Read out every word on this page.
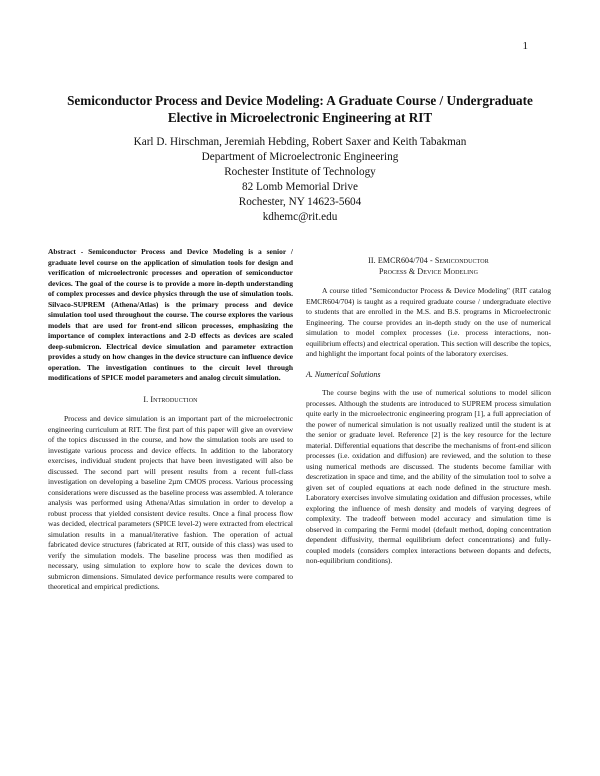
1
Semiconductor Process and Device Modeling: A Graduate Course / Undergraduate Elective in Microelectronic Engineering at RIT
Karl D. Hirschman, Jeremiah Hebding, Robert Saxer and Keith Tabakman
Department of Microelectronic Engineering
Rochester Institute of Technology
82 Lomb Memorial Drive
Rochester, NY 14623-5604
kdhemc@rit.edu

Abstract - Semiconductor Process and Device Modeling is a senior / graduate level course on the application of simulation tools for design and verification of microelectronic processes and operation of semiconductor devices. The goal of the course is to provide a more in-depth understanding of complex processes and device physics through the use of simulation tools. Silvaco-SUPREM (Athena/Atlas) is the primary process and device simulation tool used throughout the course. The course explores the various models that are used for front-end silicon processes, emphasizing the importance of complex interactions and 2-D effects as devices are scaled deep-submicron. Electrical device simulation and parameter extraction provides a study on how changes in the device structure can influence device operation. The investigation continues to the circuit level through modifications of SPICE model parameters and analog circuit simulation.

I. Introduction

Process and device simulation is an important part of the microelectronic engineering curriculum at RIT. The first part of this paper will give an overview of the topics discussed in the course, and how the simulation tools are used to investigate various process and device effects. In addition to the laboratory exercises, individual student projects that have been investigated will also be discussed. The second part will present results from a recent full-class investigation on developing a baseline 2µm CMOS process. Various processing considerations were discussed as the baseline process was assembled. A tolerance analysis was performed using Athena/Atlas simulation in order to develop a robust process that yielded consistent device results. Once a final process flow was decided, electrical parameters (SPICE level-2) were extracted from electrical simulation results in a manual/iterative fashion. The operation of actual fabricated device structures (fabricated at RIT, outside of this class) was used to verify the simulation models. The baseline process was then modified as necessary, using simulation to explore how to scale the devices down to submicron dimensions. Simulated device performance results were compared to theoretical and empirical predictions.

II. EMCR604/704 - Semiconductor
Process & Device Modeling

A course titled "Semiconductor Process & Device Modeling" (RIT catalog EMCR604/704) is taught as a required graduate course / undergraduate elective to students that are enrolled in the M.S. and B.S. programs in Microelectronic Engineering. The course provides an in-depth study on the use of numerical simulation to model complex processes (i.e. process interactions, non-equilibrium effects) and electrical operation. This section will describe the topics, and highlight the important focal points of the laboratory exercises.

A. Numerical Solutions

The course begins with the use of numerical solutions to model silicon processes. Although the students are introduced to SUPREM process simulation quite early in the microelectronic engineering program [1], a full appreciation of the power of numerical simulation is not usually realized until the student is at the senior or graduate level. Reference [2] is the key resource for the lecture material. Differential equations that describe the mechanisms of front-end silicon processes (i.e. oxidation and diffusion) are reviewed, and the solution to these using numerical methods are discussed. The students become familiar with descretization in space and time, and the ability of the simulation tool to solve a given set of coupled equations at each node defined in the structure mesh. Laboratory exercises involve simulating oxidation and diffusion processes, while exploring the influence of mesh density and models of varying degrees of complexity. The tradeoff between model accuracy and simulation time is observed in comparing the Fermi model (default method, doping concentration dependent diffusivity, thermal equilibrium defect concentrations) and fully-coupled models (considers complex interactions between dopants and defects, non-equilibrium conditions).
